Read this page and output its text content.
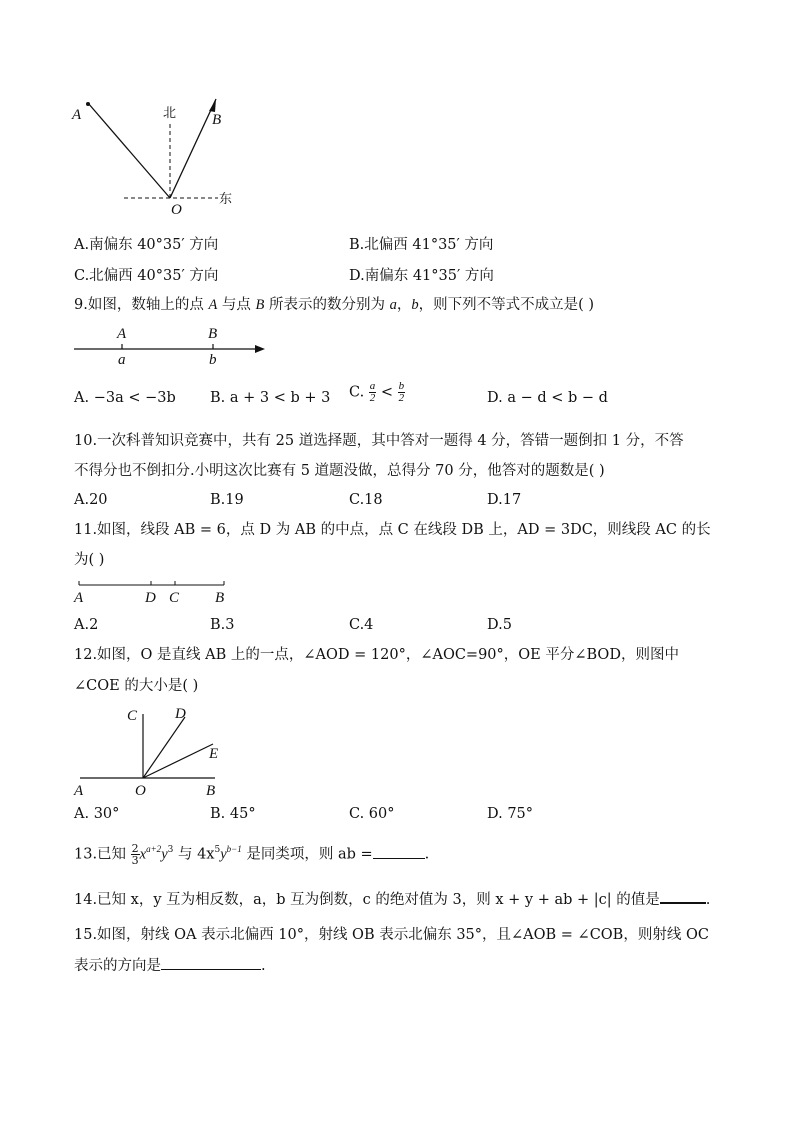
A	B
O
北
东
A.南偏东 40°35′ 方向	B.北偏西 41°35′ 方向
C.北偏西 40°35′ 方向	D.南偏东 41°35′ 方向
9.如图，数轴上的点 A 与点 B 所表示的数分别为 a，b，则下列不等式不成立是( )
A	B
a	b
A. −3a < −3b B. a + 3 < b + 3 C. $\frac{a}{2} < \frac{b}{2}$	D. a − d < b − d
10.一次科普知识竞赛中，共有 25 道选择题，其中答对一题得 4 分，答错一题倒扣 1 分，不答
不得分也不倒扣分.小明这次比赛有 5 道题没做，总得分 70 分，他答对的题数是( )
A.20	B.19	C.18	D.17
11.如图，线段 AB = 6，点 D 为 AB 的中点，点 C 在线段 DB 上，AD = 3DC，则线段 AC 的长
为( )
A	D C B
A.2	B.3	C.4	D.5
12.如图，O 是直线 AB 上的一点，∠AOD = 120°，∠AOC=90°，OE 平分∠BOD，则图中
∠COE 的大小是( )
C	D
E
A	O	B
A. 30°	B. 45°	C. 60°	D. 75°
13.已知 $\frac{2}{3} x^{a+2}y^3$ 与 $4x^5y^{b-1}$ 是同类项，则 ab =	.
14.已知 x，y 互为相反数，a，b 互为倒数，c 的绝对值为 3，则 x + y + ab + |c| 的值是	.
15.如图，射线 OA 表示北偏西 10°，射线 OB 表示北偏东 35°，且∠AOB = ∠COB，则射线 OC
表示的方向是	.
